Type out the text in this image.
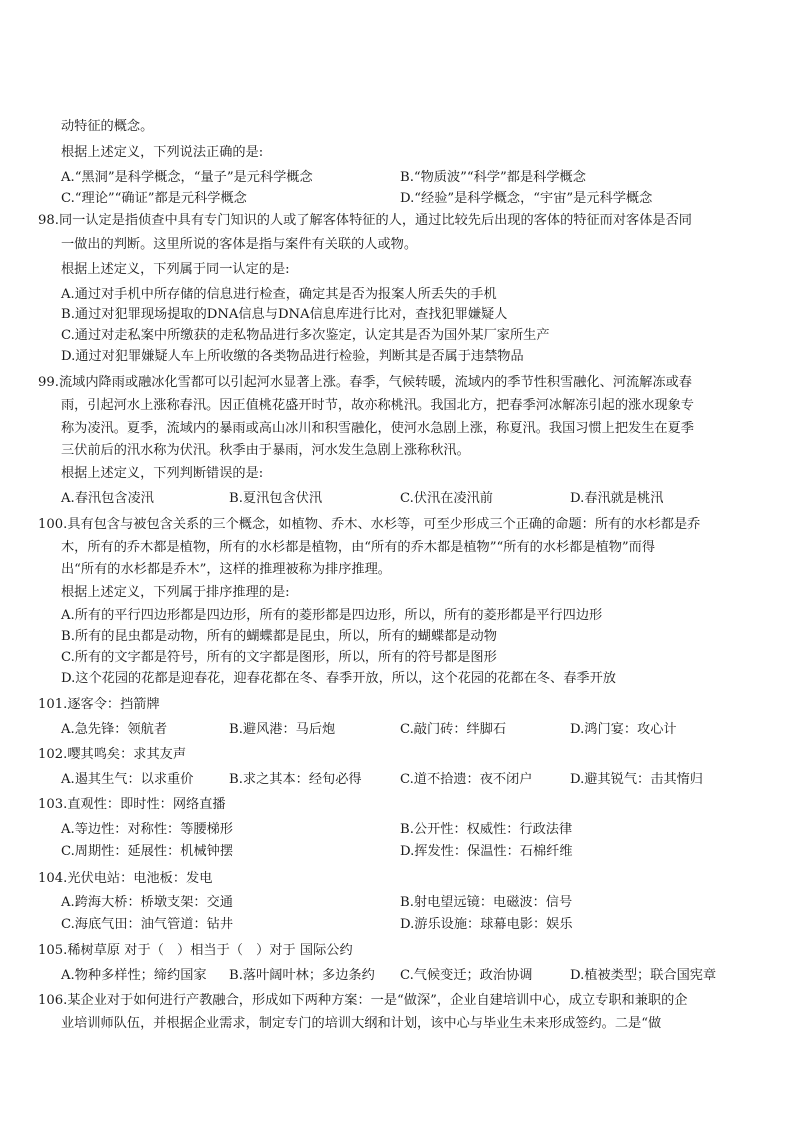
动特征的概念。
根据上述定义，下列说法正确的是:
A.“黑洞”是科学概念，“量子”是元科学概念	B.“物质波”“科学”都是科学概念
C.“理论”“确证”都是元科学概念	D.“经验”是科学概念，“宇宙”是元科学概念
98.同一认定是指侦查中具有专门知识的人或了解客体特征的人，通过比较先后出现的客体的特征而对客体是否同
一做出的判断。这里所说的客体是指与案件有关联的人或物。
根据上述定义，下列属于同一认定的是:
A.通过对手机中所存储的信息进行检查，确定其是否为报案人所丢失的手机
B.通过对犯罪现场提取的DNA信息与DNA信息库进行比对，查找犯罪嫌疑人
C.通过对走私案中所缴获的走私物品进行多次鉴定，认定其是否为国外某厂家所生产
D.通过对犯罪嫌疑人车上所收缴的各类物品进行检验，判断其是否属于违禁物品
99.流域内降雨或融冰化雪都可以引起河水显著上涨。春季，气候转暖，流域内的季节性积雪融化、河流解冻或春
雨，引起河水上涨称春汛。因正值桃花盛开时节，故亦称桃汛。我国北方，把春季河冰解冻引起的涨水现象专
称为凌汛。夏季，流域内的暴雨或高山冰川和积雪融化，使河水急剧上涨，称夏汛。我国习惯上把发生在夏季
三伏前后的汛水称为伏汛。秋季由于暴雨，河水发生急剧上涨称秋汛。
根据上述定义，下列判断错误的是:
A.春汛包含凌汛	B.夏汛包含伏汛	C.伏汛在凌汛前	D.春汛就是桃汛
100.具有包含与被包含关系的三个概念，如植物、乔木、水杉等，可至少形成三个正确的命题：所有的水杉都是乔
木，所有的乔木都是植物，所有的水杉都是植物，由“所有的乔木都是植物”“所有的水杉都是植物”而得
出“所有的水杉都是乔木”，这样的推理被称为排序推理。
根据上述定义，下列属于排序推理的是:
A.所有的平行四边形都是四边形，所有的菱形都是四边形，所以，所有的菱形都是平行四边形
B.所有的昆虫都是动物，所有的蝴蝶都是昆虫，所以，所有的蝴蝶都是动物
C.所有的文字都是符号，所有的文字都是图形，所以，所有的符号都是图形
D.这个花园的花都是迎春花，迎春花都在冬、春季开放，所以，这个花园的花都在冬、春季开放
101.逐客令：挡箭牌
A.急先锋：领航者	B.避风港：马后炮	C.敲门砖：绊脚石	D.鸿门宴：攻心计
102.嘤其鸣矣：求其友声
A.遏其生气：以求重价	B.求之其本：经旬必得	C.道不拾遗：夜不闭户	D.避其锐气：击其惰归
103.直观性：即时性：网络直播
A.等边性：对称性：等腰梯形	B.公开性：权威性：行政法律
C.周期性：延展性：机械钟摆	D.挥发性：保温性：石棉纤维
104.光伏电站：电池板：发电
A.跨海大桥：桥墩支架：交通	B.射电望远镜：电磁波：信号
C.海底气田：油气管道：钻井	D.游乐设施：球幕电影：娱乐
105.稀树草原 对于（　）相当于（　）对于 国际公约
A.物种多样性；缔约国家 B.落叶阔叶林；多边条约 C.气候变迁；政治协调	D.植被类型；联合国宪章
106.某企业对于如何进行产教融合，形成如下两种方案：一是“做深”，企业自建培训中心，成立专职和兼职的企
业培训师队伍，并根据企业需求，制定专门的培训大纲和计划，该中心与毕业生未来形成签约。二是“做
